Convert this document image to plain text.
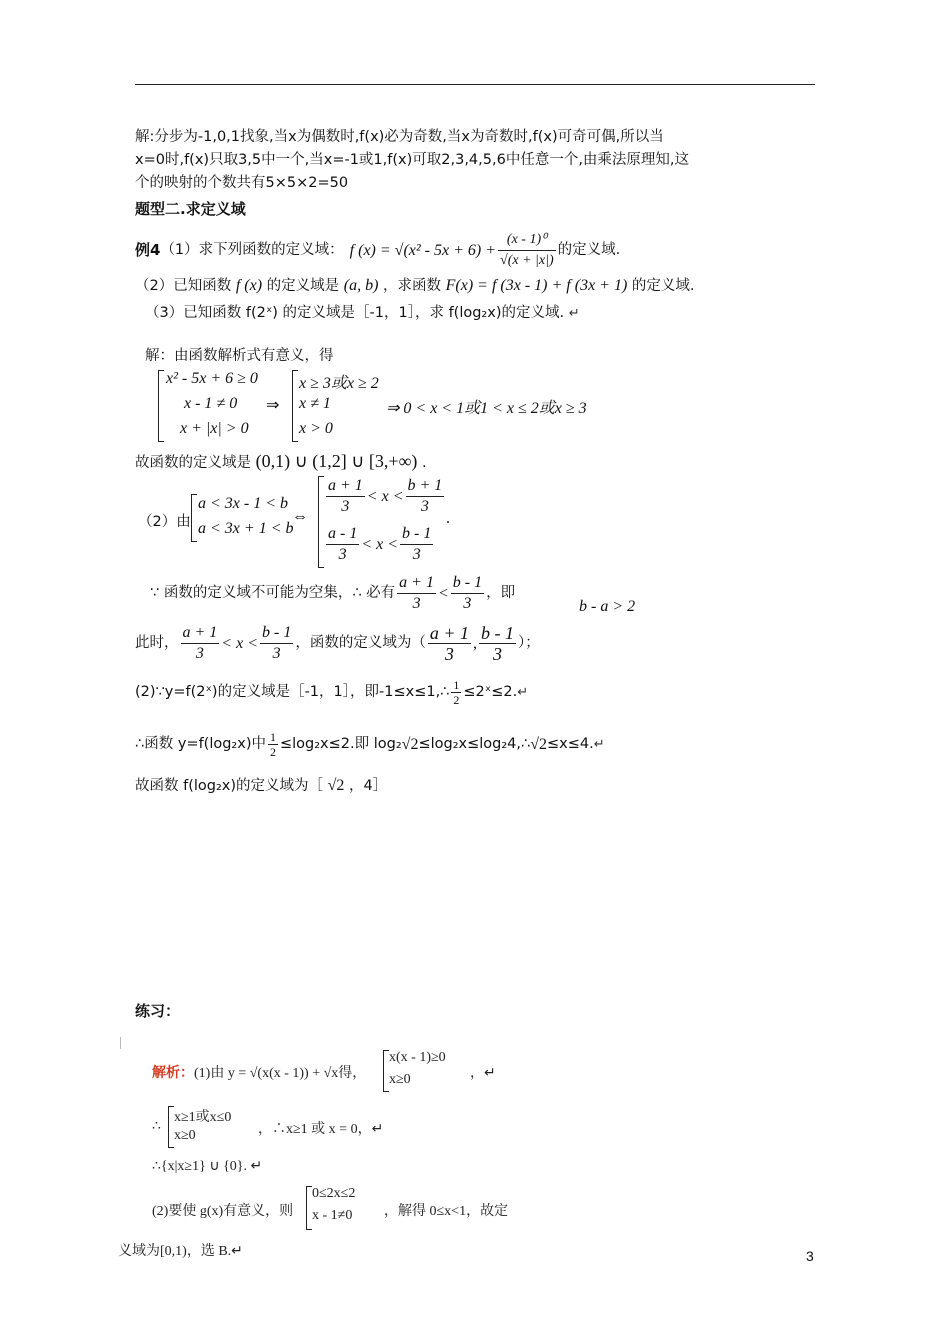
解:分步为-1,0,1找象,当x为偶数时,f(x)必为奇数,当x为奇数时,f(x)可奇可偶,所以当
x=0时,f(x)只取3,5中一个,当x=-1或1,f(x)可取2,3,4,5,6中任意一个,由乘法原理知,这
个的映射的个数共有5×5×2=50
题型二.求定义域
例4 （1）求下列函数的定义域： f $(x) = √(x^2 - 5x + 6) + \frac{\text{(x - 1)⁰}}{√(x + |x|)}$ 的定义域.
（2）已知函数 f (x) 的定义域是 (a, b) ，求函数 F(x) = f (3x - 1) + f (3x + 1) 的定义域.
（3）已知函数 f(2ˣ) 的定义域是［-1，1］，求 f(log₂x)的定义域. ↵
解：由函数解析式有意义，得
x² - 5x + 6 ≥ 0
x - 1 ≠ 0
x + |x| > 0
⇒
x ≥ 3或x ≥ 2
x ≠ 1
x > 0
⇒ 0 < x < 1或1 < x ≤ 2或x ≥ 3
故函数的定义域是 (0,1) ∪ (1,2] ∪ [3,+∞) .
（2）由
a < 3x - 1 < b
a < 3x + 1 < b
⇔ $\frac{a + 1}{3} < x < \frac{b + 1}{3}$
$\frac{a - 1}{3} < x < \frac{b - 1}{3}$
.
∵ 函数的定义域不可能为空集，∴ 必有 $\frac{a + 1}{3} < \frac{b - 1}{3}$ ，即
b - a > 2
此时， $\frac{a + 1}{3} < x < \frac{b - 1}{3}$ ，函数的定义域为（ $\frac{a + 1}{3}$ , $\frac{b - 1}{3}$ ）；
(2)∵y=f(2ˣ)的定义域是［-1，1］，即-1≤x≤1,∴ $\frac{1}{2}$ ≤2ˣ≤2. ↵
∴函数 y=f(log₂x)中 $\frac{1}{2} \le\log_2x\le 2$.即 log₂ √2 ≤log₂x≤log₂4,∴ √2 ≤x≤4. ↵
故函数 f(log₂x)的定义域为［ √2 ，4］
练习：
解析： (1)由 y = √(x(x - 1)) + √x得，
x(x - 1)≥0
x≥0	，↵
∴
x≥1或x≤0
x≥0	，∴x≥1 或 x = 0，↵
∴{x|x≥1} ∪ {0}. ↵
(2)要使 g(x)有意义，则
0≤2x≤2
x - 1≠0 ，解得 0≤x<1，故定
义域为[0,1)，选 B.↵	3
